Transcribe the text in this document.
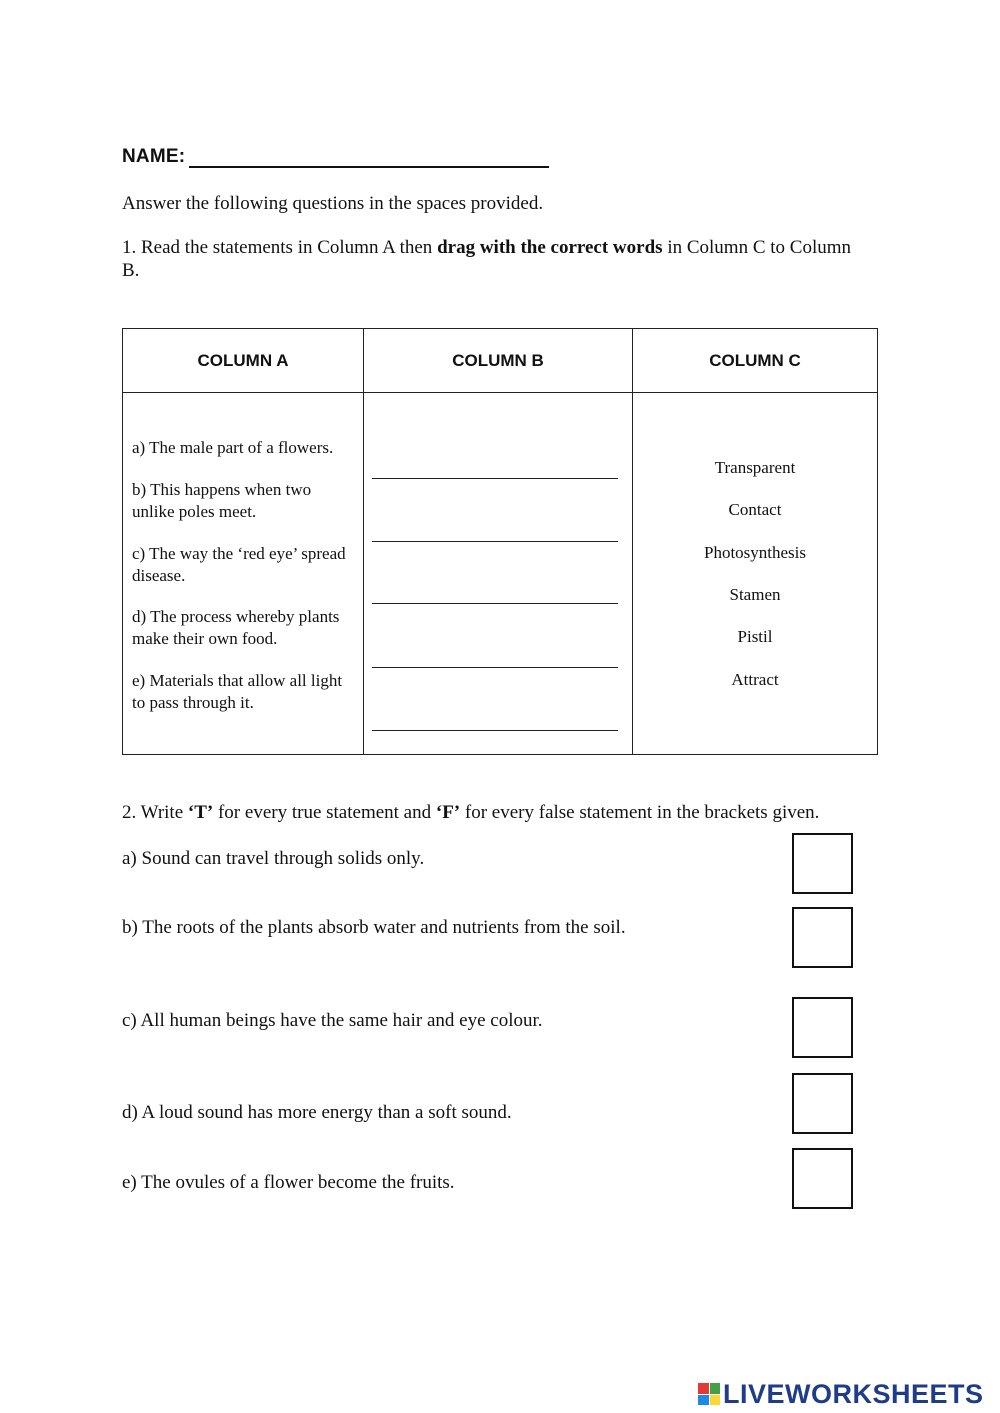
NAME:
Answer the following questions in the spaces provided.
1. Read the statements in Column A then drag with the correct words in Column C to Column B.
COLUMN A	COLUMN B	COLUMN C
a) The male part of a flowers.
b) This happens when two unlike poles meet.
c) The way the ‘red eye’ spread disease.
d) The process whereby plants make their own food.
e) Materials that allow all light to pass through it.
Transparent
Contact
Photosynthesis
Stamen
Pistil
Attract
2. Write ‘T’ for every true statement and ‘F’ for every false statement in the brackets given.
a) Sound can travel through solids only.
b) The roots of the plants absorb water and nutrients from the soil.
c) All human beings have the same hair and eye colour.
d) A loud sound has more energy than a soft sound.
e) The ovules of a flower become the fruits.
LIVEWORKSHEETS
